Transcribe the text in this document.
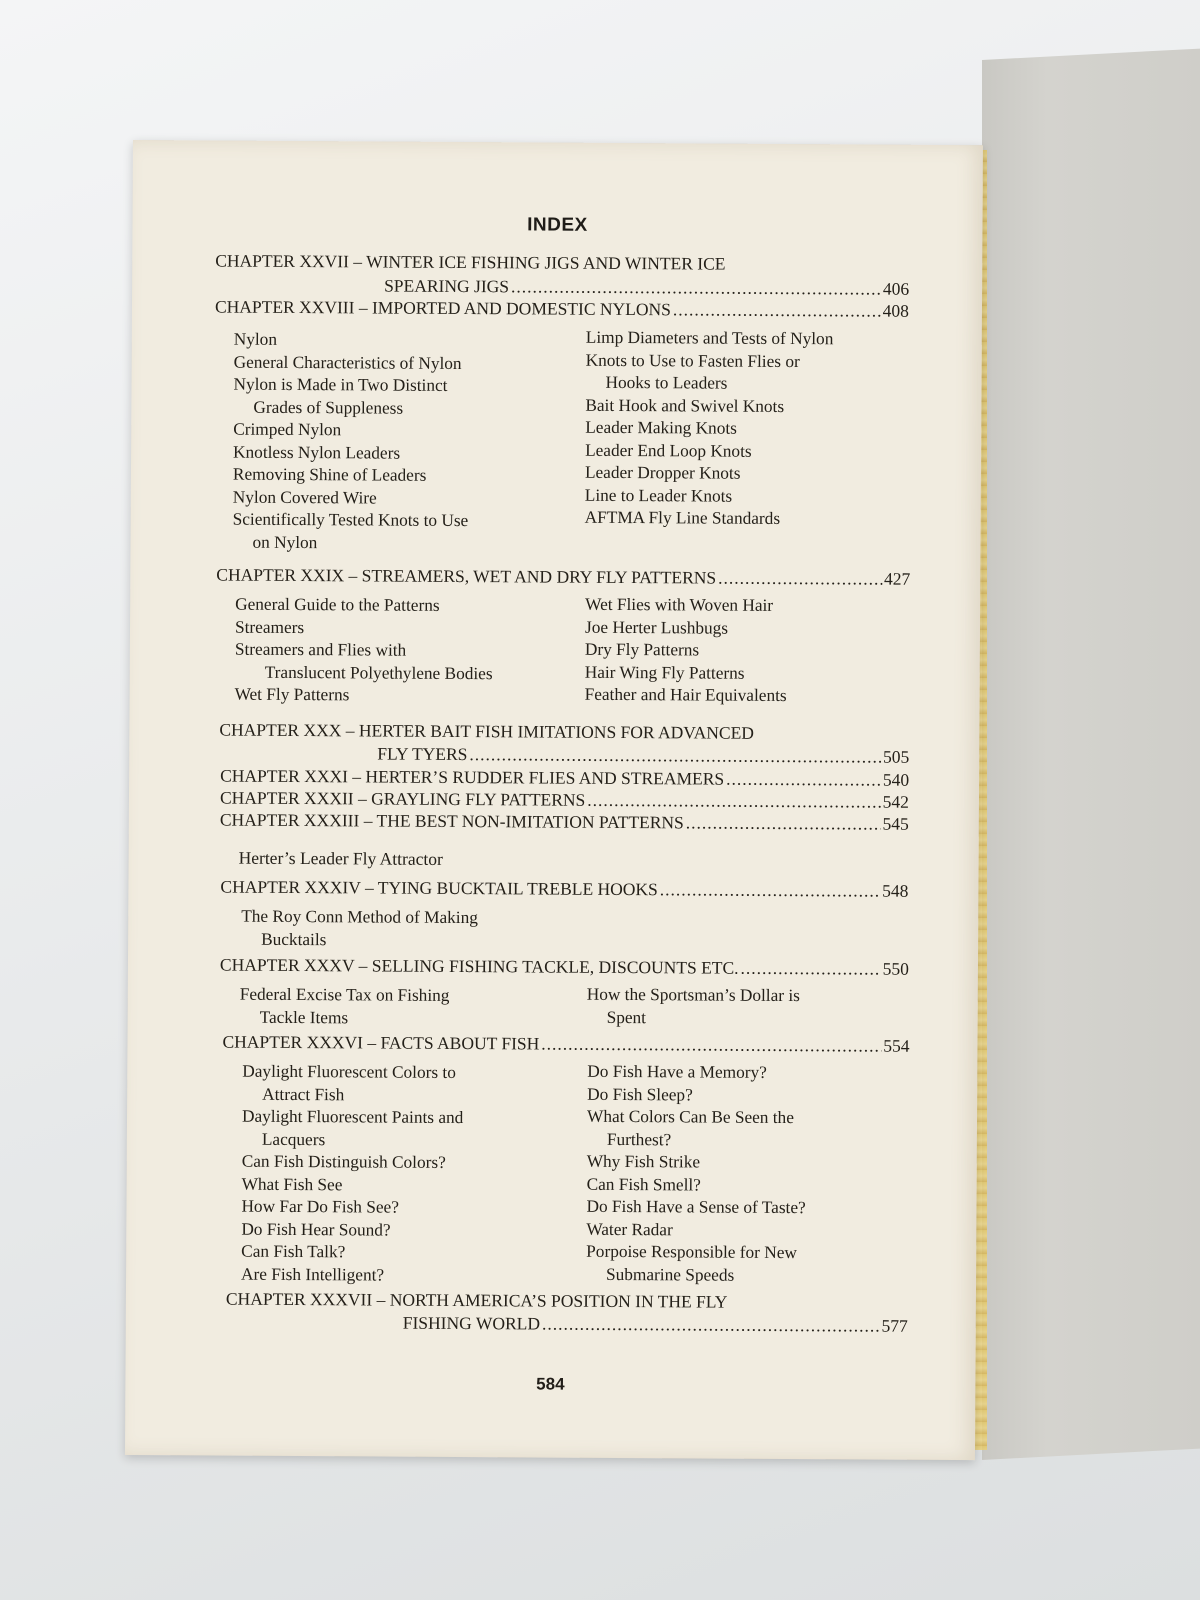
INDEX
CHAPTER XXVII – WINTER ICE FISHING JIGS AND WINTER ICE
SPEARING JIGS .....	406
CHAPTER XXVIII – IMPORTED AND DOMESTIC NYLONS .....	408
Nylon
General Characteristics of Nylon
Nylon is Made in Two Distinct
Grades of Suppleness
Crimped Nylon
Knotless Nylon Leaders
Removing Shine of Leaders
Nylon Covered Wire
Scientifically Tested Knots to Use
on Nylon
Limp Diameters and Tests of Nylon
Knots to Use to Fasten Flies or
Hooks to Leaders
Bait Hook and Swivel Knots
Leader Making Knots
Leader End Loop Knots
Leader Dropper Knots
Line to Leader Knots
AFTMA Fly Line Standards
CHAPTER XXIX – STREAMERS, WET AND DRY FLY PATTERNS .....	427
General Guide to the Patterns
Streamers
Streamers and Flies with
Translucent Polyethylene Bodies
Wet Fly Patterns
Wet Flies with Woven Hair
Joe Herter Lushbugs
Dry Fly Patterns
Hair Wing Fly Patterns
Feather and Hair Equivalents
CHAPTER XXX – HERTER BAIT FISH IMITATIONS FOR ADVANCED
FLY TYERS .....	505
CHAPTER XXXI – HERTER’S RUDDER FLIES AND STREAMERS .....	540
CHAPTER XXXII – GRAYLING FLY PATTERNS .....	542
CHAPTER XXXIII – THE BEST NON-IMITATION PATTERNS .....	545
Herter’s Leader Fly Attractor
CHAPTER XXXIV – TYING BUCKTAIL TREBLE HOOKS .....	548
The Roy Conn Method of Making
Bucktails
CHAPTER XXXV – SELLING FISHING TACKLE, DISCOUNTS ETC. .....	550
Federal Excise Tax on Fishing
Tackle Items
How the Sportsman’s Dollar is
Spent
CHAPTER XXXVI – FACTS ABOUT FISH .....	554
Daylight Fluorescent Colors to
Attract Fish
Daylight Fluorescent Paints and
Lacquers
Can Fish Distinguish Colors?
What Fish See
How Far Do Fish See?
Do Fish Hear Sound?
Can Fish Talk?
Are Fish Intelligent?
Do Fish Have a Memory?
Do Fish Sleep?
What Colors Can Be Seen the
Furthest?
Why Fish Strike
Can Fish Smell?
Do Fish Have a Sense of Taste?
Water Radar
Porpoise Responsible for New
Submarine Speeds
CHAPTER XXXVII – NORTH AMERICA’S POSITION IN THE FLY
FISHING WORLD .....	577
584
